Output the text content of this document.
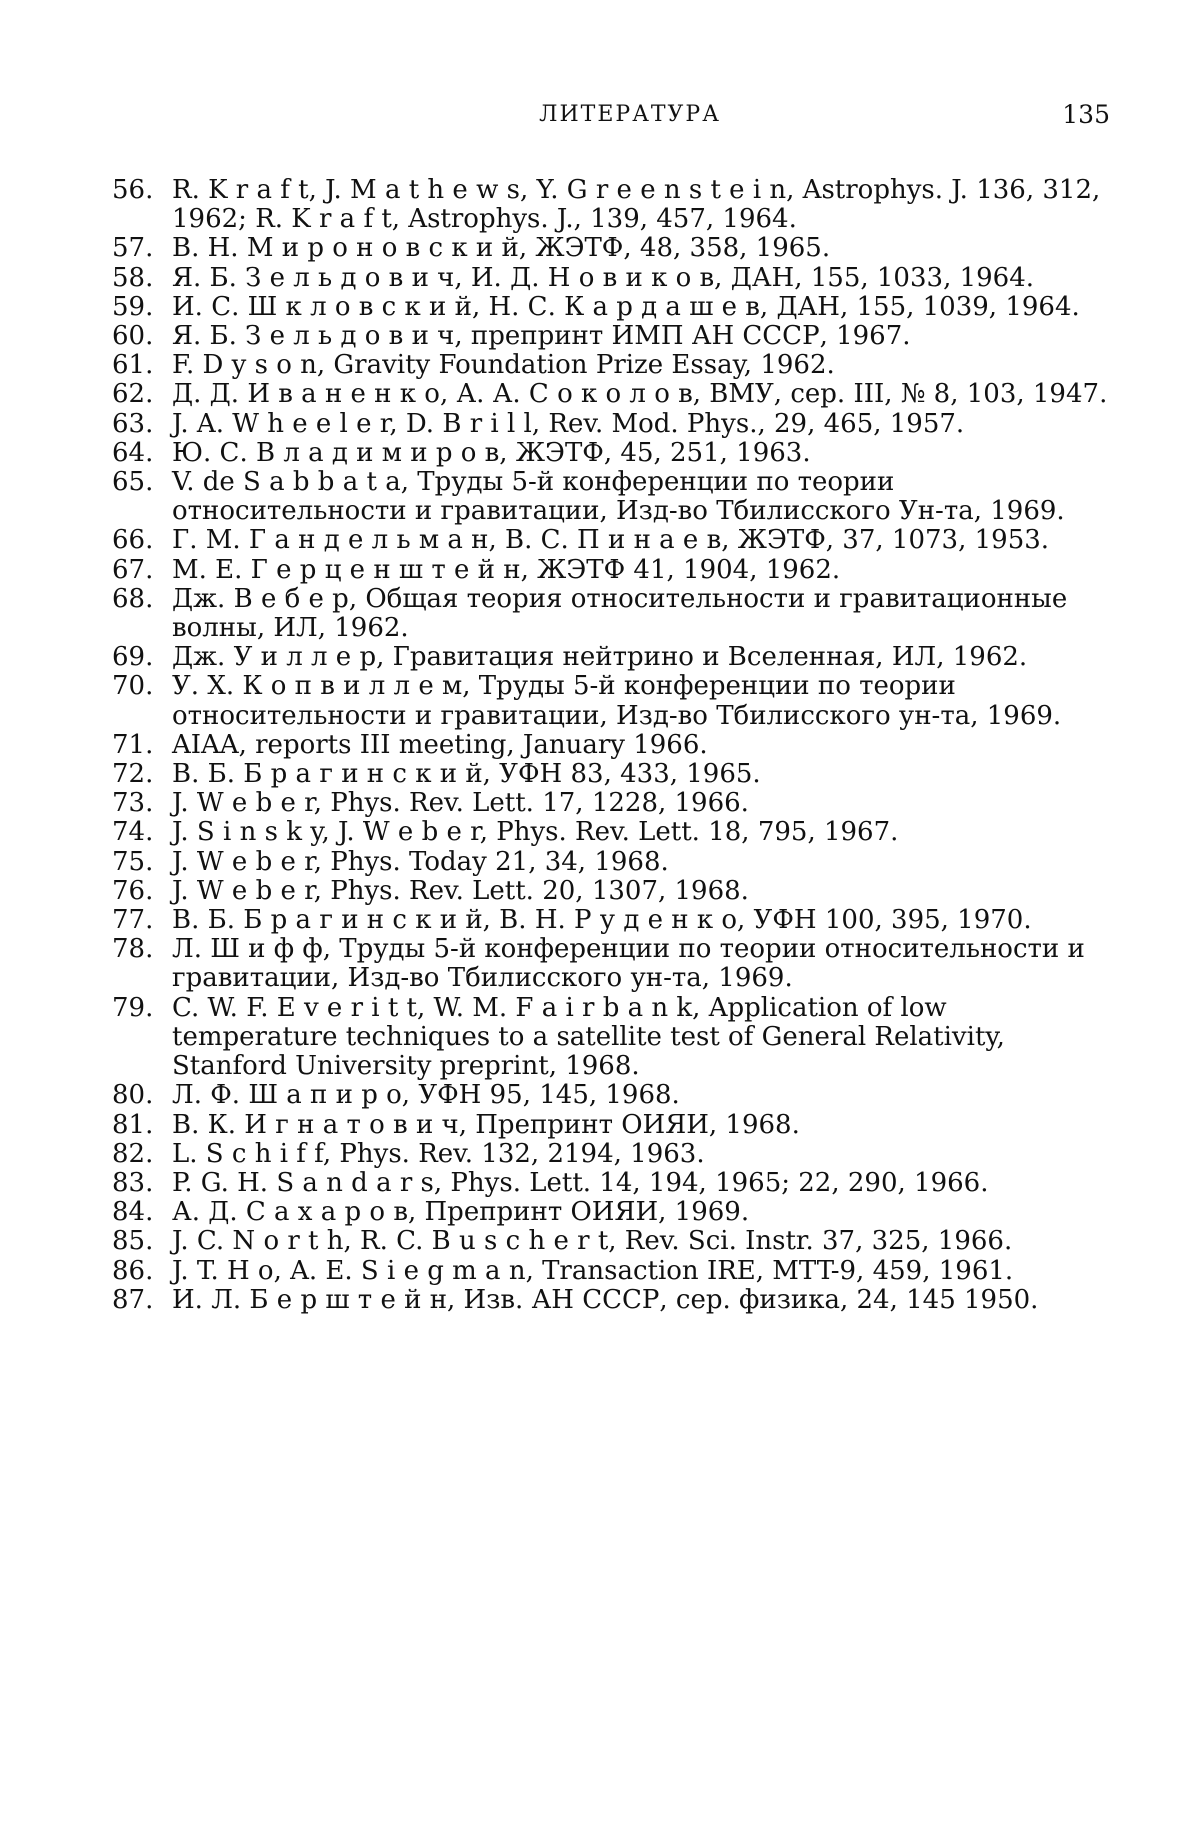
ЛИТЕРАТУРА	135
56. R. K r a f t, J. M a t h e w s, Y. G r e e n s t e i n, Astrophys. J. 136, 312, 1962; R. K r a f t, Astrophys. J., 139, 457, 1964.
57. В. Н. М и р о н о в с к и й, ЖЭТФ, 48, 358, 1965.
58. Я. Б. З е л ь д о в и ч, И. Д. Н о в и к о в, ДАН, 155, 1033, 1964.
59. И. С. Ш к л о в с к и й, Н. С. К а р д а ш е в, ДАН, 155, 1039, 1964.
60. Я. Б. З е л ь д о в и ч, препринт ИМП АН СССР, 1967.
61. F. D y s o n, Gravity Foundation Prize Essay, 1962.
62. Д. Д. И в а н е н к о, А. А. С о к о л о в, ВМУ, сер. III, № 8, 103, 1947.
63. J. A. W h e e l e r, D. B r i l l, Rev. Mod. Phys., 29, 465, 1957.
64. Ю. С. В л а д и м и р о в, ЖЭТФ, 45, 251, 1963.
65. V. de S a b b a t a, Труды 5-й конференции по теории относительности и гравитации, Изд-во Тбилисского Ун-та, 1969.
66. Г. М. Г а н д е л ь м а н, В. С. П и н а е в, ЖЭТФ, 37, 1073, 1953.
67. М. Е. Г е р ц е н ш т е й н, ЖЭТФ 41, 1904, 1962.
68. Дж. В е б е р, Общая теория относительности и гравитационные волны, ИЛ, 1962.
69. Дж. У и л л е р, Гравитация нейтрино и Вселенная, ИЛ, 1962.
70. У. Х. К о п в и л л е м, Труды 5-й конференции по теории относительности и гравитации, Изд-во Тбилисского ун-та, 1969.
71. AIAA, reports III meeting, January 1966.
72. В. Б. Б р а г и н с к и й, УФН 83, 433, 1965.
73. J. W e b e r, Phys. Rev. Lett. 17, 1228, 1966.
74. J. S i n s k y, J. W e b e r, Phys. Rev. Lett. 18, 795, 1967.
75. J. W e b e r, Phys. Today 21, 34, 1968.
76. J. W e b e r, Phys. Rev. Lett. 20, 1307, 1968.
77. В. Б. Б р а г и н с к и й, В. Н. Р у д е н к о, УФН 100, 395, 1970.
78. Л. Ш и ф ф, Труды 5-й конференции по теории относительности и гравитации, Изд-во Тбилисского ун-та, 1969.
79. C. W. F. E v e r i t t, W. M. F a i r b a n k, Application of low temperature techniques to a satellite test of General Relativity, Stanford University preprint, 1968.
80. Л. Ф. Ш а п и р о, УФН 95, 145, 1968.
81. В. К. И г н а т о в и ч, Препринт ОИЯИ, 1968.
82. L. S c h i f f, Phys. Rev. 132, 2194, 1963.
83. P. G. H. S a n d a r s, Phys. Lett. 14, 194, 1965; 22, 290, 1966.
84. А. Д. С а х а р о в, Препринт ОИЯИ, 1969.
85. J. C. N o r t h, R. C. B u s c h e r t, Rev. Sci. Instr. 37, 325, 1966.
86. J. T. H o, A. E. S i e g m a n, Transaction IRE, MTT-9, 459, 1961.
87. И. Л. Б е р ш т е й н, Изв. АН СССР, сер. физика, 24, 145 1950.
